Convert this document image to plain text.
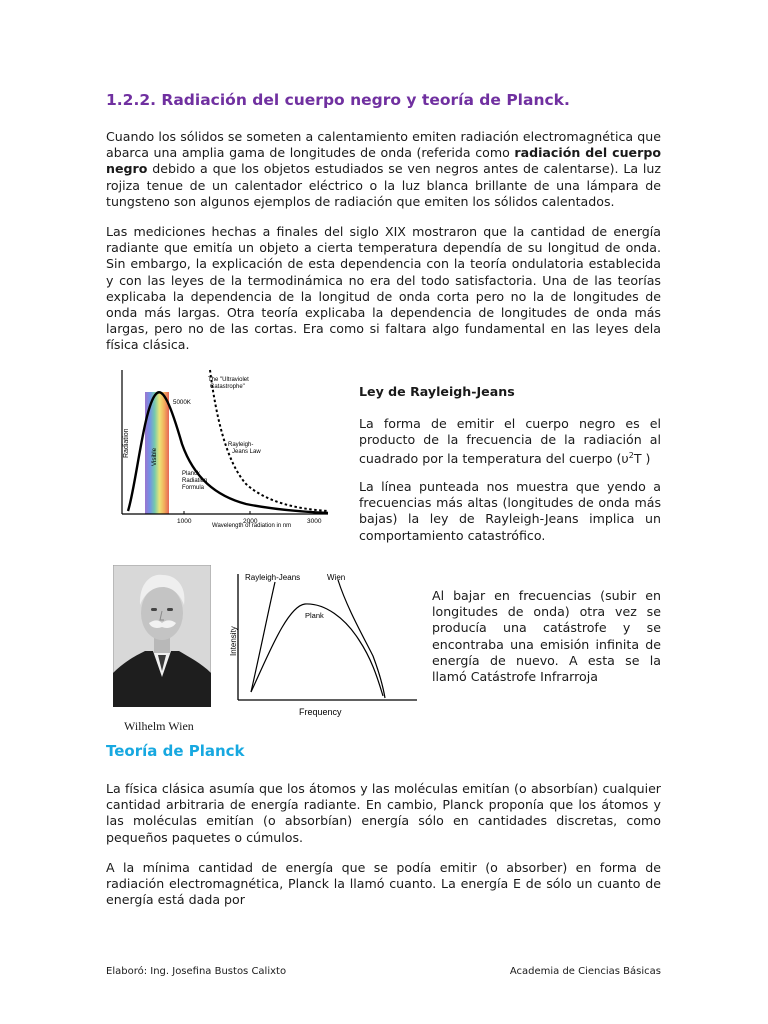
1.2.2. Radiación del cuerpo negro y teoría de Planck.

Cuando los sólidos se someten a calentamiento emiten radiación electromagnética que abarca una amplia gama de longitudes de onda (referida como radiación del cuerpo negro debido a que los objetos estudiados se ven negros antes de calentarse). La luz rojiza tenue de un calentador eléctrico o la luz blanca brillante de una lámpara de tungsteno son algunos ejemplos de radiación que emiten los sólidos calentados.

Las mediciones hechas a finales del siglo XIX mostraron que la cantidad de energía radiante que emitía un objeto a cierta temperatura dependía de su longitud de onda. Sin embargo, la explicación de esta dependencia con la teoría ondulatoria establecida y con las leyes de la termodinámica no era del todo satisfactoria. Una de las teorías explicaba la dependencia de la longitud de onda corta pero no la de longitudes de onda más largas. Otra teoría explicaba la dependencia de longitudes de onda más largas, pero no de las cortas. Era como si faltara algo fundamental en las leyes dela física clásica.

Radiation
1000	2000	3000
Wavelength of radiation in nm
5000K
The "Ultraviolet
Catastrophe"
Rayleigh-
Jeans Law
Planck
Radiation
Formula
Visible
Ley de Rayleigh-Jeans

La forma de emitir el cuerpo negro es el producto de la frecuencia de la radiación al cuadrado por la temperatura del cuerpo ($\upsilon^2T$ )

La línea punteada nos muestra que yendo a frecuencias más altas (longitudes de onda más bajas) la ley de Rayleigh-Jeans implica un comportamiento catastrófico.

Wilhelm Wien

Rayleigh-Jeans	Wien
Plank
Intensity
Frequency

Al bajar en frecuencias (subir en longitudes de onda) otra vez se producía una catástrofe y se encontraba una emisión infinita de energía de nuevo. A esta se la llamó Catástrofe Infrarroja

Teoría de Planck

La física clásica asumía que los átomos y las moléculas emitían (o absorbían) cualquier cantidad arbitraria de energía radiante. En cambio, Planck proponía que los átomos y las moléculas emitían (o absorbían) energía sólo en cantidades discretas, como pequeños paquetes o cúmulos.

A la mínima cantidad de energía que se podía emitir (o absorber) en forma de radiación electromagnética, Planck la llamó cuanto. La energía E de sólo un cuanto de energía está dada por

Elaboró: Ing. Josefina Bustos Calixto	Academia de Ciencias Básicas
